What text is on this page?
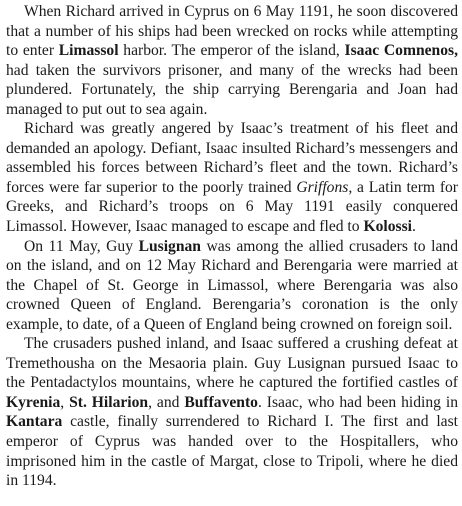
When Richard arrived in Cyprus on 6 May 1191, he soon discovered that a number of his ships had been wrecked on rocks while attempting to enter Limassol harbor. The emperor of the island, Isaac Comnenos, had taken the survivors prisoner, and many of the wrecks had been plundered. Fortunately, the ship carrying Berengaria and Joan had managed to put out to sea again.

Richard was greatly angered by Isaac’s treatment of his fleet and demanded an apology. Defiant, Isaac insulted Richard’s messengers and assembled his forces between Richard’s fleet and the town. Richard’s forces were far superior to the poorly trained Griffons, a Latin term for Greeks, and Richard’s troops on 6 May 1191 easily conquered Limassol. However, Isaac managed to escape and fled to Kolossi.

On 11 May, Guy Lusignan was among the allied crusaders to land on the island, and on 12 May Richard and Berengaria were married at the Chapel of St. George in Limassol, where Berengaria was also crowned Queen of England. Berengaria’s coronation is the only example, to date, of a Queen of England being crowned on foreign soil.

The crusaders pushed inland, and Isaac suffered a crushing defeat at Tremethousha on the Mesaoria plain. Guy Lusignan pursued Isaac to the Pentadactylos mountains, where he captured the fortified castles of Kyrenia, St. Hilarion, and Buffavento. Isaac, who had been hiding in Kantara castle, finally surrendered to Richard I. The first and last emperor of Cyprus was handed over to the Hospitallers, who imprisoned him in the castle of Margat, close to Tripoli, where he died in 1194.
